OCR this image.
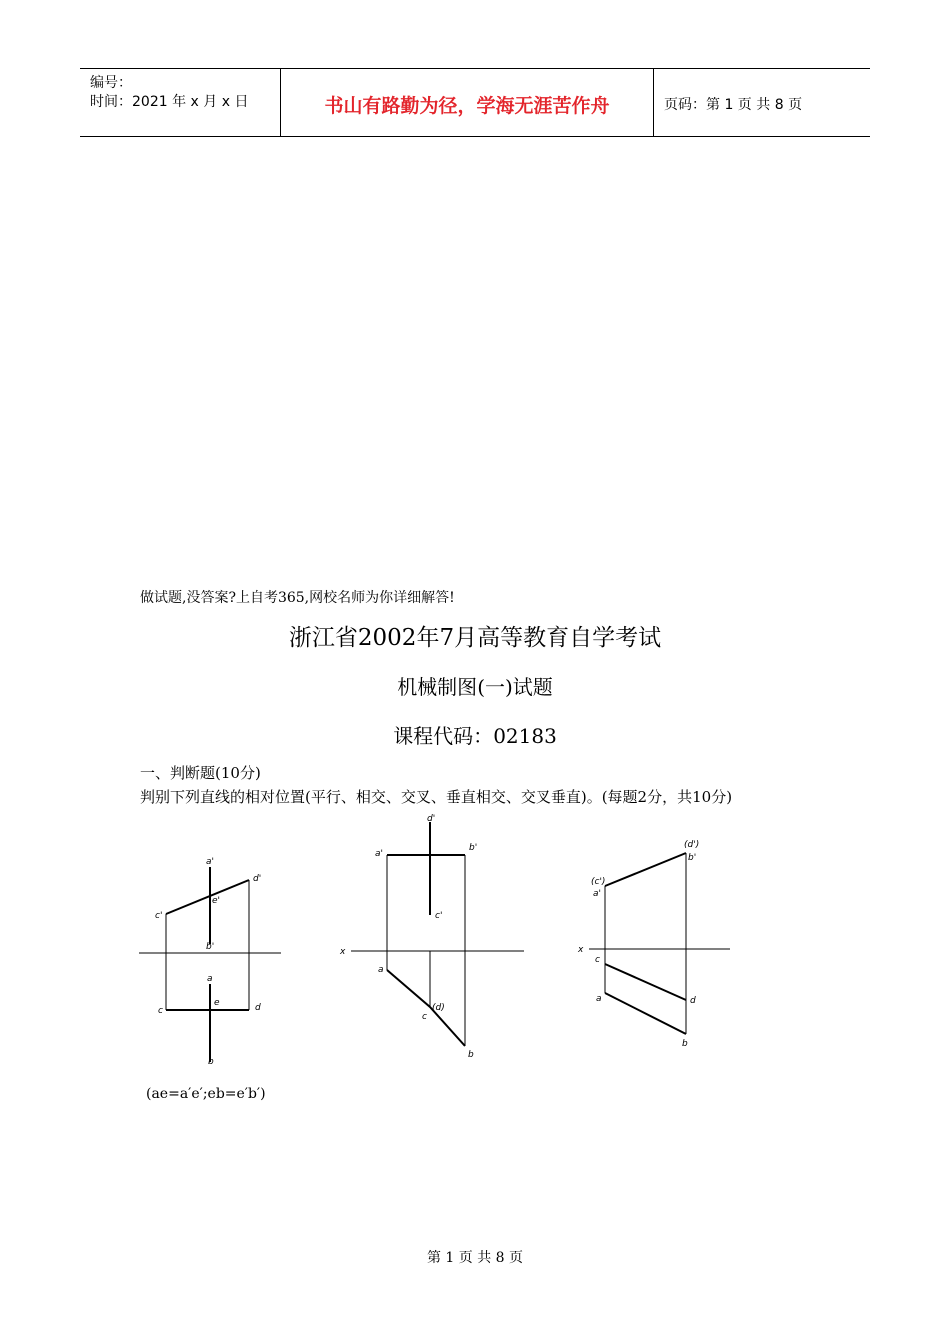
编号：
时间：2021 年 x 月 x 日	书山有路勤为径，学海无涯苦作舟	页码：第 1 页 共 8 页
做试题,没答案?上自考365,网校名师为你详细解答!
浙江省2002年7月高等教育自学考试
机械制图(一)试题
课程代码：02183
一、判断题(10分)
判别下列直线的相对位置(平行、相交、交叉、垂直相交、交叉垂直)。(每题2分，共10分)
a'
d'
e'
c'
b'
a
e
c	d
b
d'
a'
b'
c'
x
a
(d)
c
b
(d')
b'
(c')
a'
x
c
a	d
b
(ae=a′e′;eb=e′b′)
第 1 页 共 8 页
